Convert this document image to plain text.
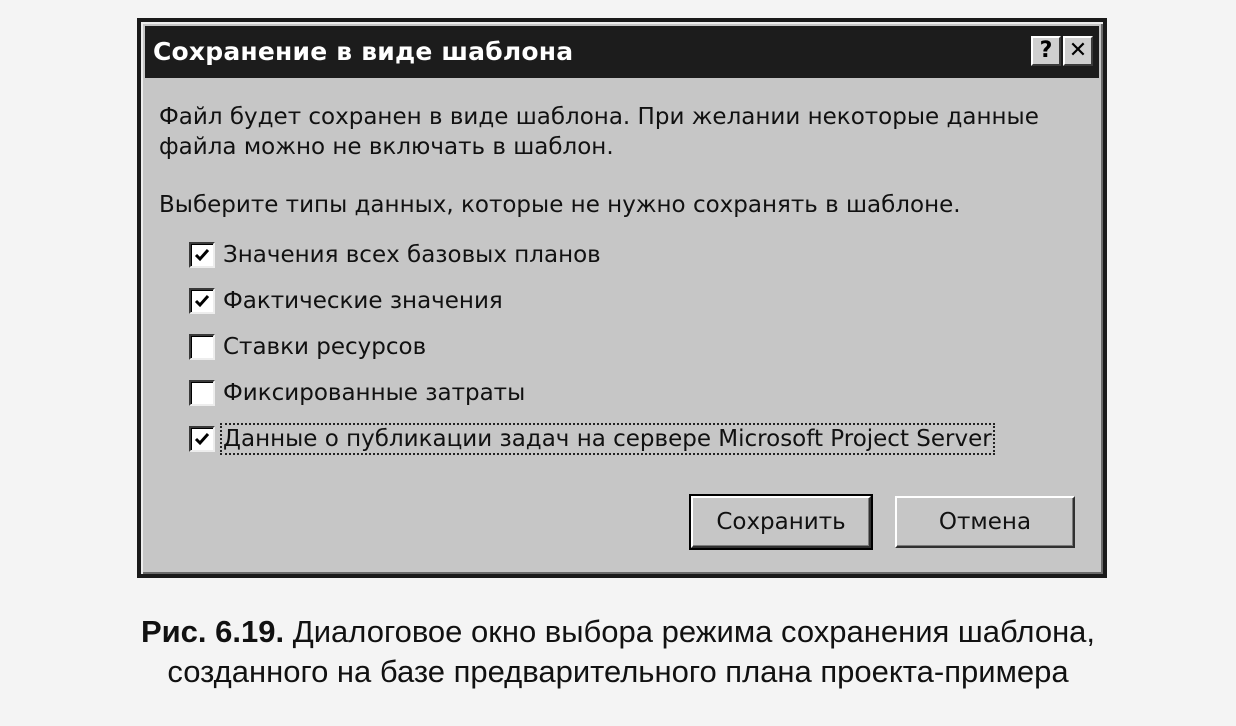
Сохранение в виде шаблона	? ✕

Файл будет сохранен в виде шаблона. При желании некоторые данные файла можно не включать в шаблон.

Выберите типы данных, которые не нужно сохранять в шаблоне.

Значения всех базовых планов
Фактические значения
Ставки ресурсов
Фиксированные затраты
Данные о публикации задач на сервере Microsoft Project Server
Сохранить	Отмена
Рис. 6.19. Диалоговое окно выбора режима сохранения шаблона,
созданного на базе предварительного плана проекта-примера
